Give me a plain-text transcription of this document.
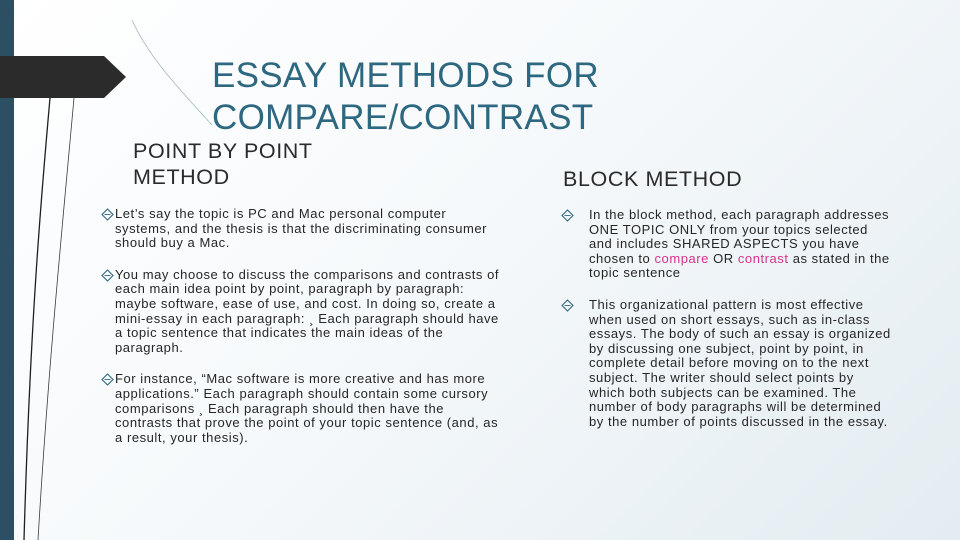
ESSAY METHODS FOR
COMPARE/CONTRAST
POINT BY POINT
METHOD	BLOCK METHOD
Let’s say the topic is PC and Mac personal computer systems, and the thesis is that the discriminating consumer should buy a Mac.
You may choose to discuss the comparisons and contrasts of each main idea point by point, paragraph by paragraph: maybe software, ease of use, and cost. In doing so, create a mini-essay in each paragraph: ¸ Each paragraph should have a topic sentence that indicates the main ideas of the paragraph.
For instance, “Mac software is more creative and has more applications.” Each paragraph should contain some cursory comparisons ¸ Each paragraph should then have the contrasts that prove the point of your topic sentence (and, as a result, your thesis).
In the block method, each paragraph addresses ONE TOPIC ONLY from your topics selected and includes SHARED ASPECTS you have chosen to compare OR contrast as stated in the topic sentence
This organizational pattern is most effective when used on short essays, such as in-class essays. The body of such an essay is organized by discussing one subject, point by point, in complete detail before moving on to the next subject. The writer should select points by which both subjects can be examined. The number of body paragraphs will be determined by the number of points discussed in the essay.
